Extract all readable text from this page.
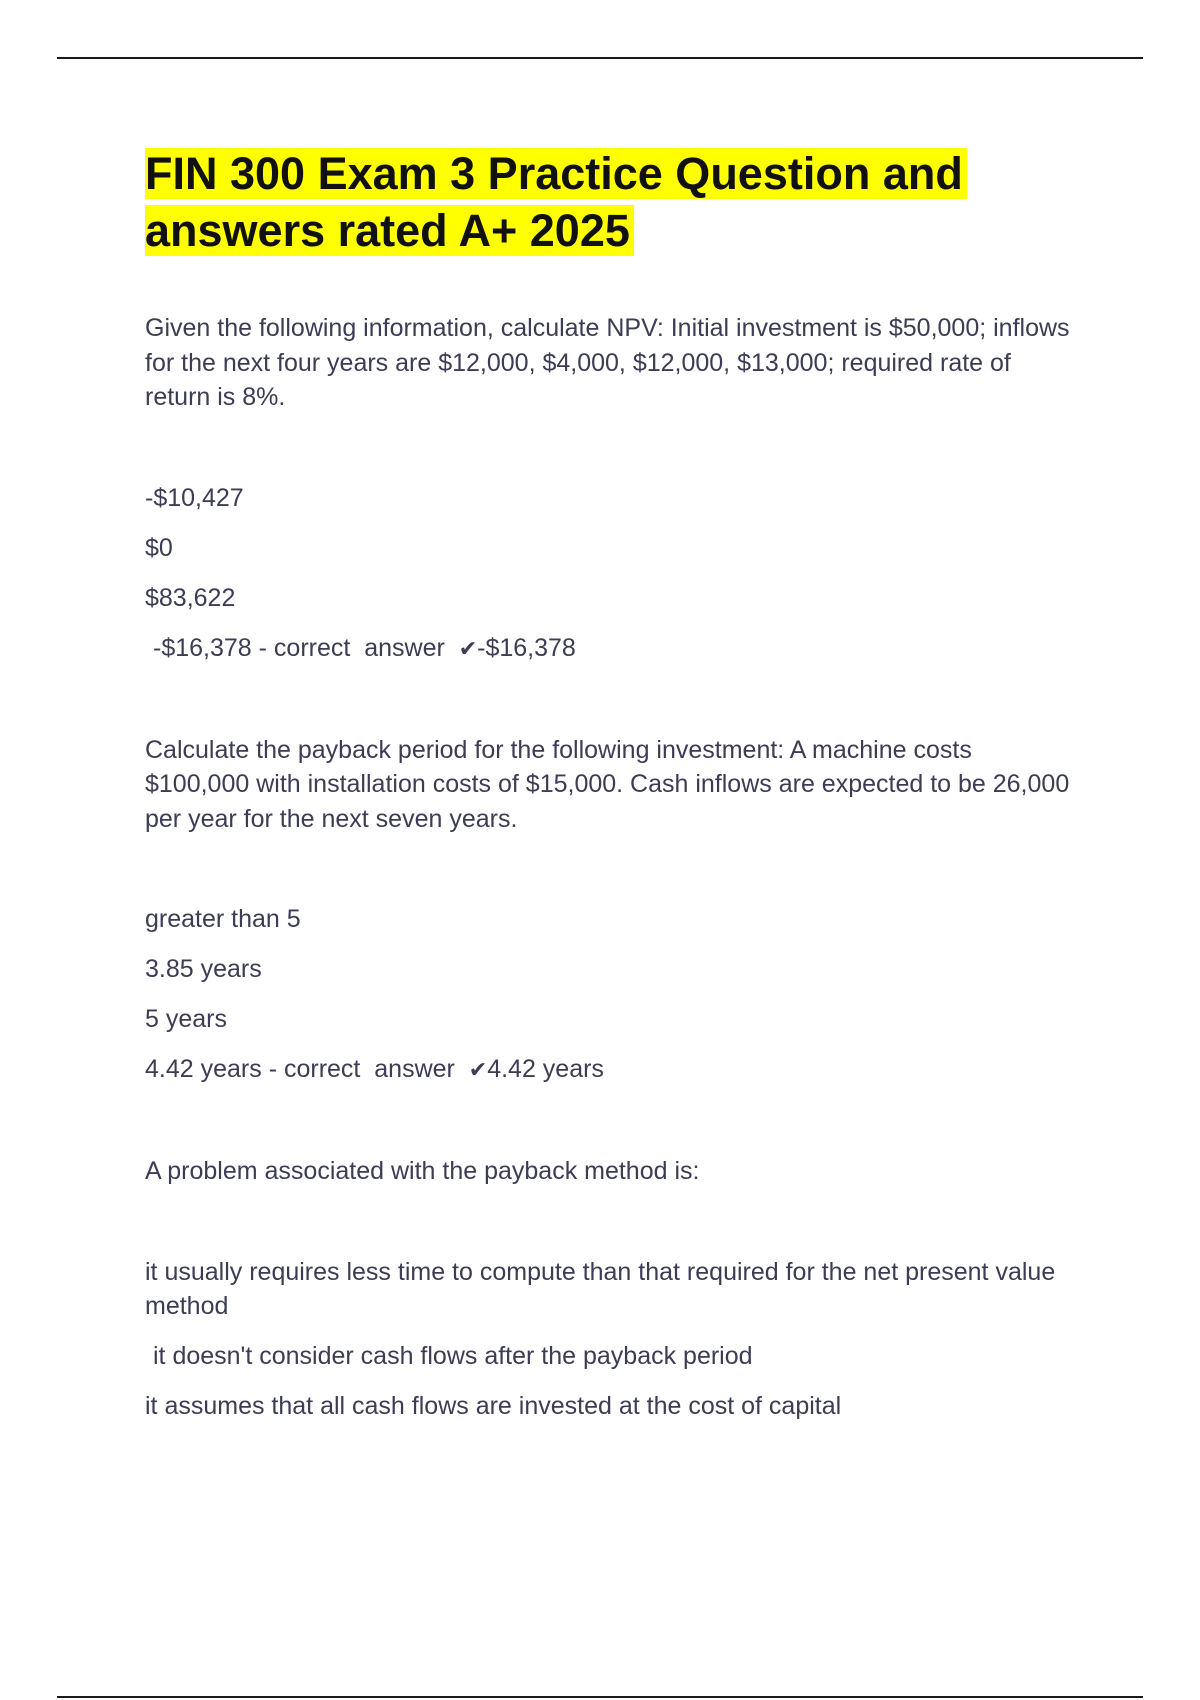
FIN 300 Exam 3 Practice Question and
answers rated A+ 2025

Given the following information, calculate NPV: Initial investment is $50,000; inflows for the next four years are $12,000, $4,000, $12,000, $13,000; required rate of return is 8%.

-$10,427
$0
$83,622
-$16,378 - correct  answer  ✔-$16,378

Calculate the payback period for the following investment: A machine costs $100,000 with installation costs of $15,000. Cash inflows are expected to be 26,000 per year for the next seven years.

greater than 5
3.85 years
5 years
4.42 years - correct  answer  ✔4.42 years

A problem associated with the payback method is:

it usually requires less time to compute than that required for the net present value method
it doesn't consider cash flows after the payback period
it assumes that all cash flows are invested at the cost of capital
